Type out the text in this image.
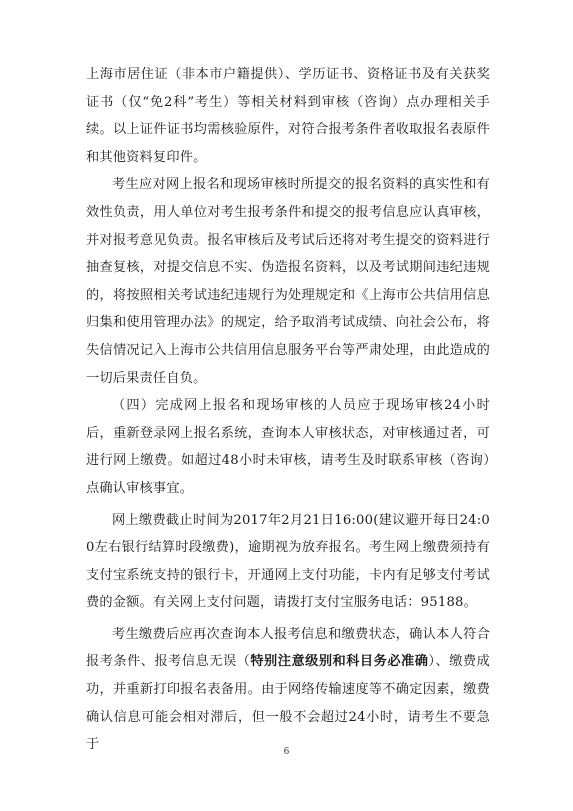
上海市居住证（非本市户籍提供）、学历证书、资格证书及有关获奖证书（仅“免2科”考生）等相关材料到审核（咨询）点办理相关手续。以上证件证书均需核验原件，对符合报考条件者收取报名表原件和其他资料复印件。

考生应对网上报名和现场审核时所提交的报名资料的真实性和有效性负责，用人单位对考生报考条件和提交的报考信息应认真审核，并对报考意见负责。报名审核后及考试后还将对考生提交的资料进行抽查复核，对提交信息不实、伪造报名资料，以及考试期间违纪违规的，将按照相关考试违纪违规行为处理规定和《上海市公共信用信息归集和使用管理办法》的规定，给予取消考试成绩、向社会公布，将失信情况记入上海市公共信用信息服务平台等严肃处理，由此造成的一切后果责任自负。

（四）完成网上报名和现场审核的人员应于现场审核24小时后，重新登录网上报名系统，查询本人审核状态，对审核通过者，可进行网上缴费。如超过48小时未审核，请考生及时联系审核（咨询）点确认审核事宜。

网上缴费截止时间为2017年2月21日16:00(建议避开每日24:00左右银行结算时段缴费)，逾期视为放弃报名。考生网上缴费须持有支付宝系统支持的银行卡，开通网上支付功能，卡内有足够支付考试费的金额。有关网上支付问题，请拨打支付宝服务电话：95188。

考生缴费后应再次查询本人报考信息和缴费状态，确认本人符合报考条件、报考信息无误（特别注意级别和科目务必准确）、缴费成功，并重新打印报名表备用。由于网络传输速度等不确定因素，缴费确认信息可能会相对滞后，但一般不会超过24小时，请考生不要急于	6
